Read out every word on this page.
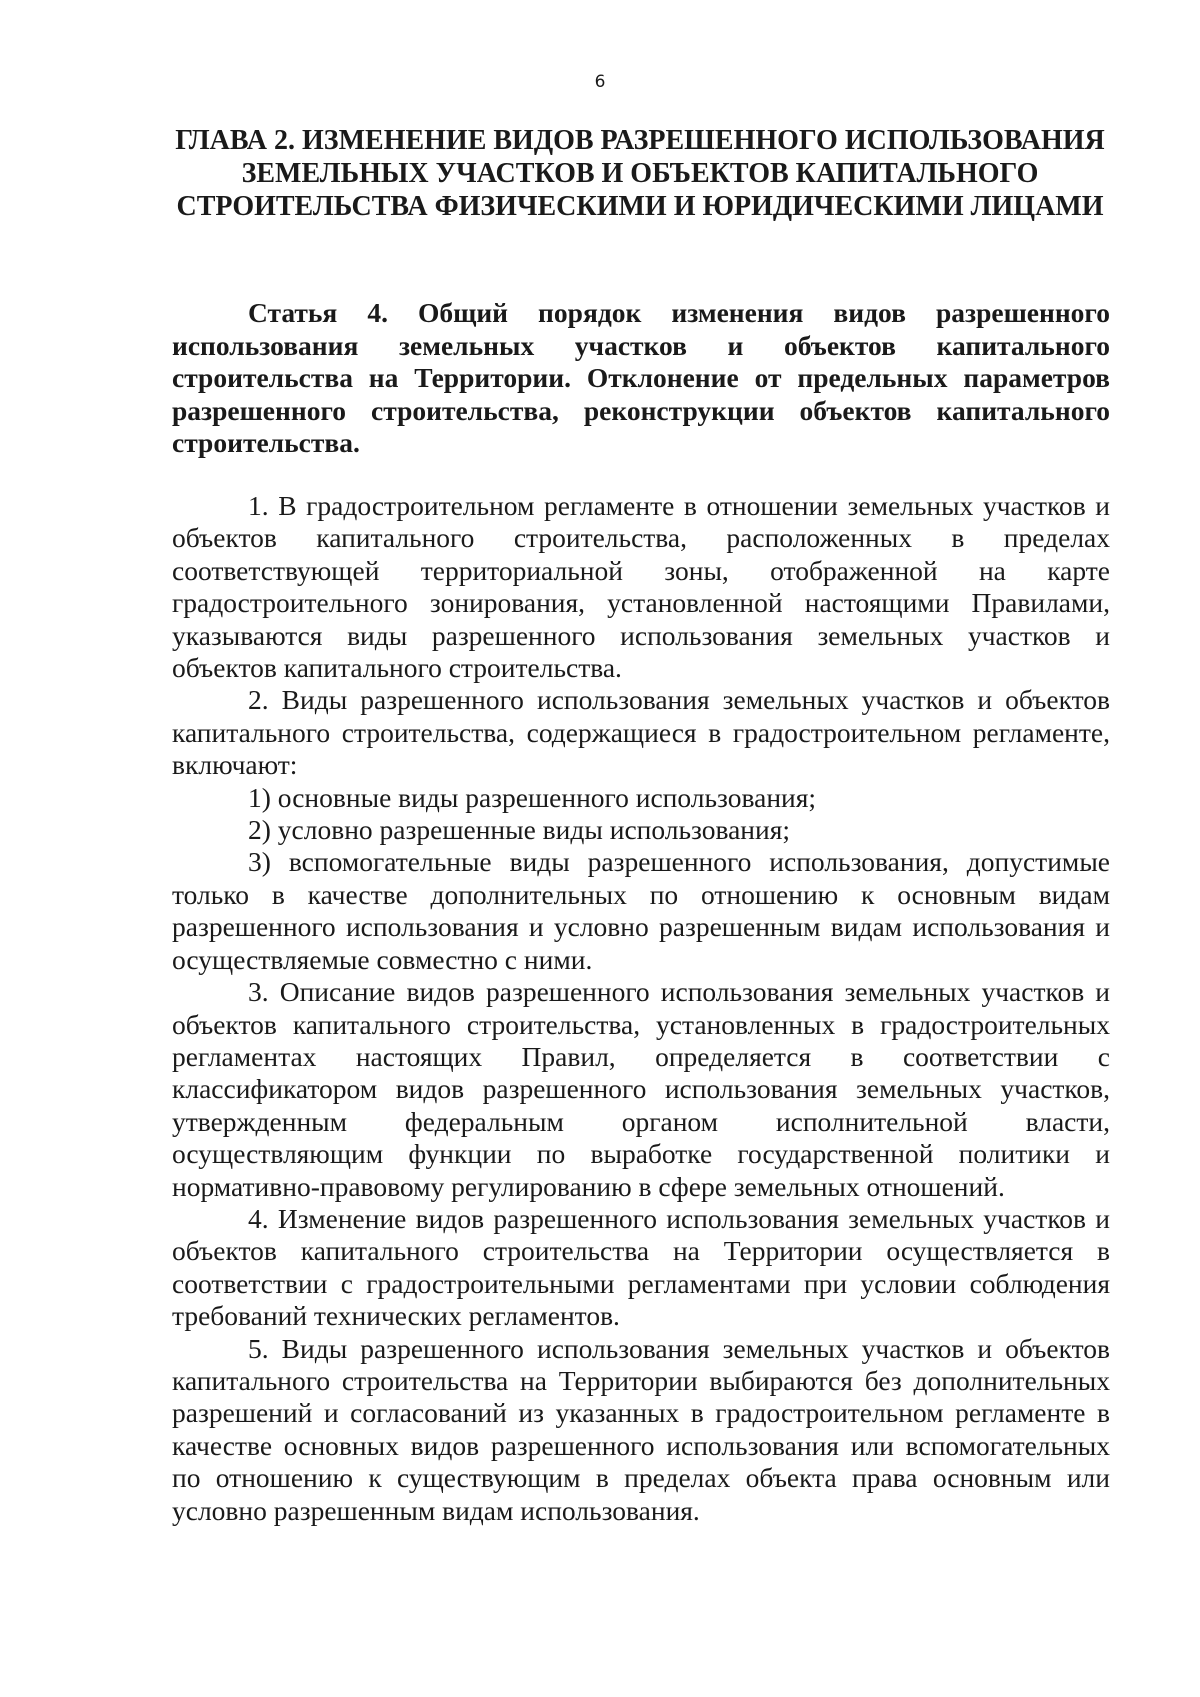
6
ГЛАВА 2. ИЗМЕНЕНИЕ ВИДОВ РАЗРЕШЕННОГО ИСПОЛЬЗОВАНИЯ ЗЕМЕЛЬНЫХ УЧАСТКОВ И ОБЪЕКТОВ КАПИТАЛЬНОГО СТРОИТЕЛЬСТВА ФИЗИЧЕСКИМИ И ЮРИДИЧЕСКИМИ ЛИЦАМИ

Статья 4. Общий порядок изменения видов разрешенного использования земельных участков и объектов капитального строительства на Территории. Отклонение от предельных параметров разрешенного строительства, реконструкции объектов капитального строительства.

1. В градостроительном регламенте в отношении земельных участков и объектов капитального строительства, расположенных в пределах соответствующей территориальной зоны, отображенной на карте градостроительного зонирования, установленной настоящими Правилами, указываются виды разрешенного использования земельных участков и объектов капитального строительства.

2. Виды разрешенного использования земельных участков и объектов капитального строительства, содержащиеся в градостроительном регламенте, включают:

1) основные виды разрешенного использования;

2) условно разрешенные виды использования;

3) вспомогательные виды разрешенного использования, допустимые только в качестве дополнительных по отношению к основным видам разрешенного использования и условно разрешенным видам использования и осуществляемые совместно с ними.

3. Описание видов разрешенного использования земельных участков и объектов капитального строительства, установленных в градостроительных регламентах настоящих Правил, определяется в соответствии с классификатором видов разрешенного использования земельных участков, утвержденным федеральным органом исполнительной власти, осуществляющим функции по выработке государственной политики и нормативно-правовому регулированию в сфере земельных отношений.

4. Изменение видов разрешенного использования земельных участков и объектов капитального строительства на Территории осуществляется в соответствии с градостроительными регламентами при условии соблюдения требований технических регламентов.

5. Виды разрешенного использования земельных участков и объектов капитального строительства на Территории выбираются без дополнительных разрешений и согласований из указанных в градостроительном регламенте в качестве основных видов разрешенного использования или вспомогательных по отношению к существующим в пределах объекта права основным или условно разрешенным видам использования.
